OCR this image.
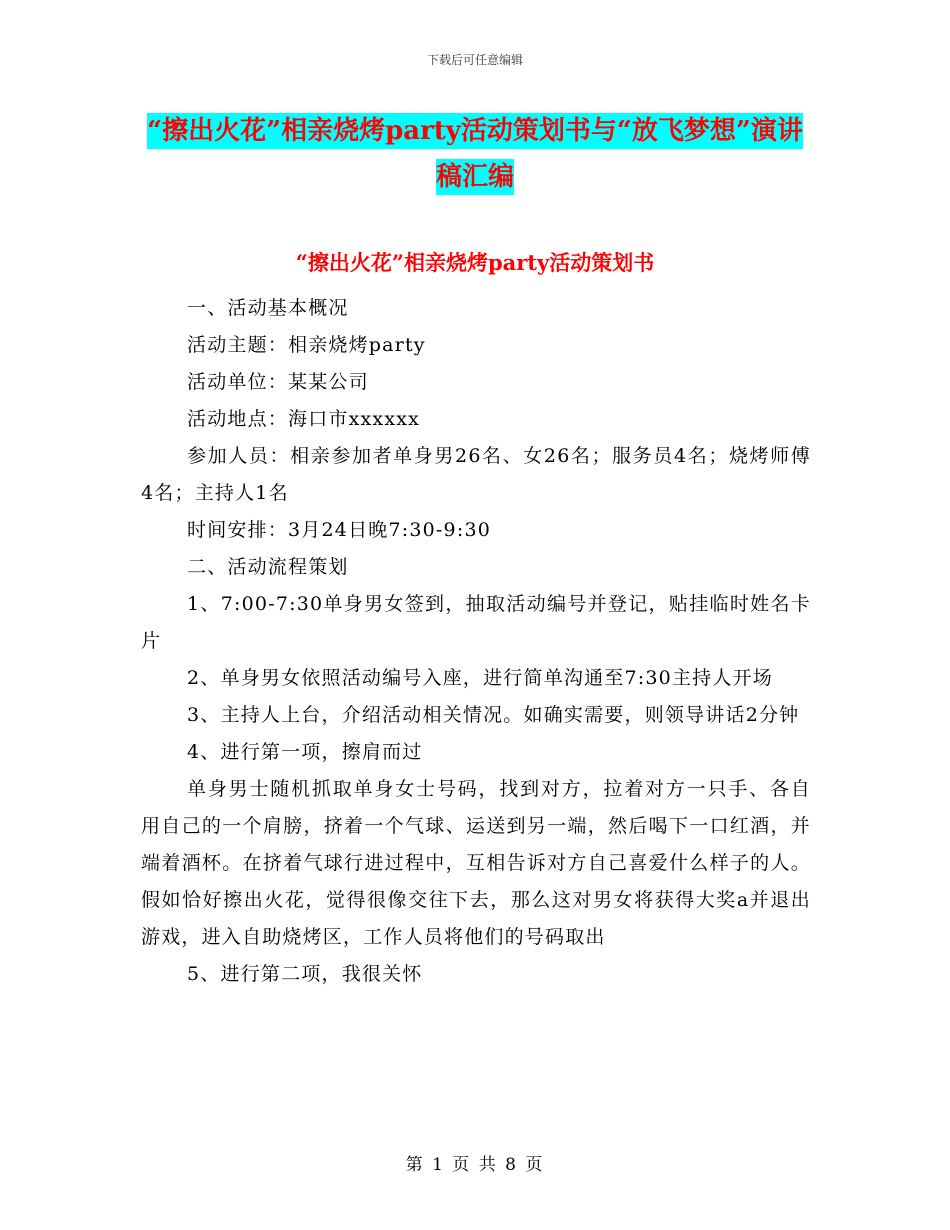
下载后可任意编辑
“擦出火花”相亲烧烤party活动策划书与“放飞梦想”演讲稿汇编
“擦出火花”相亲烧烤party活动策划书

一、活动基本概况

活动主题：相亲烧烤party

活动单位：某某公司

活动地点：海口市xxxxxx

参加人员：相亲参加者单身男26名、女26名；服务员4名；烧烤师傅4名；主持人1名

时间安排：3月24日晚7:30-9:30

二、活动流程策划

1、7:00-7:30单身男女签到，抽取活动编号并登记，贴挂临时姓名卡片

2、单身男女依照活动编号入座，进行简单沟通至7:30主持人开场

3、主持人上台，介绍活动相关情况。如确实需要，则领导讲话2分钟

4、进行第一项，擦肩而过

单身男士随机抓取单身女士号码，找到对方，拉着对方一只手、各自用自己的一个肩膀，挤着一个气球、运送到另一端，然后喝下一口红酒，并端着酒杯。在挤着气球行进过程中，互相告诉对方自己喜爱什么样子的人。假如恰好擦出火花，觉得很像交往下去，那么这对男女将获得大奖a并退出游戏，进入自助烧烤区，工作人员将他们的号码取出

5、进行第二项，我很关怀

第 1 页 共 8 页
